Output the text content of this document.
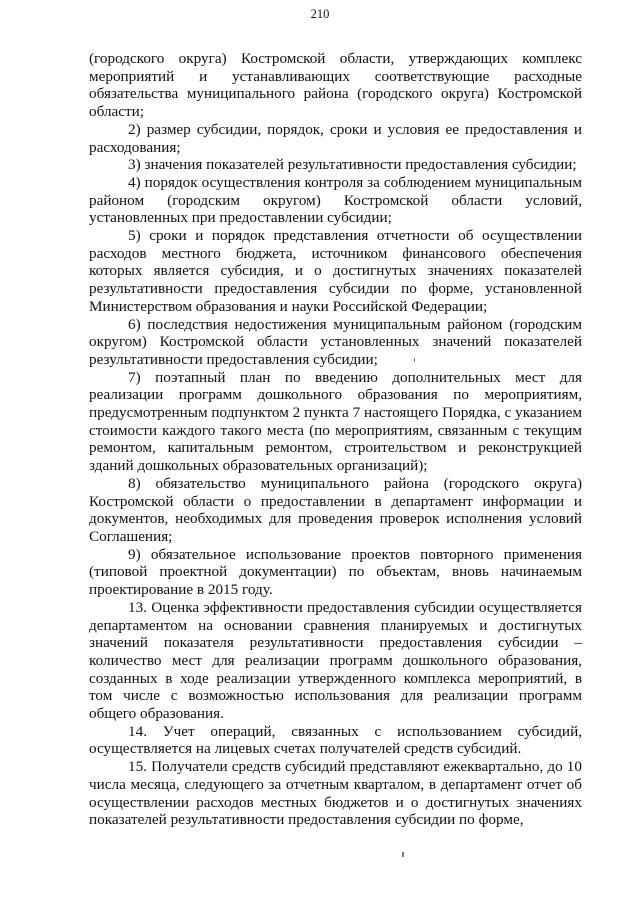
210

(городского округа) Костромской области, утверждающих комплекс мероприятий и устанавливающих соответствующие расходные обязательства муниципального района (городского округа) Костромской области;

2) размер субсидии, порядок, сроки и условия ее предоставления и расходования;

3) значения показателей результативности предоставления субсидии;

4) порядок осуществления контроля за соблюдением муниципальным районом (городским округом) Костромской области условий, установленных при предоставлении субсидии;

5) сроки и порядок представления отчетности об осуществлении расходов местного бюджета, источником финансового обеспечения которых является субсидия, и о достигнутых значениях показателей результативности предоставления субсидии по форме, установленной Министерством образования и науки Российской Федерации;

6) последствия недостижения муниципальным районом (городским округом) Костромской области установленных значений показателей результативности предоставления субсидии;

7) поэтапный план по введению дополнительных мест для реализации программ дошкольного образования по мероприятиям, предусмотренным подпунктом 2 пункта 7 настоящего Порядка, с указанием стоимости каждого такого места (по мероприятиям, связанным с текущим ремонтом, капитальным ремонтом, строительством и реконструкцией зданий дошкольных образовательных организаций);

8) обязательство муниципального района (городского округа) Костромской области о предоставлении в департамент информации и документов, необходимых для проведения проверок исполнения условий Соглашения;

9) обязательное использование проектов повторного применения (типовой проектной документации) по объектам, вновь начинаемым проектирование в 2015 году.

13. Оценка эффективности предоставления субсидии осуществляется департаментом на основании сравнения планируемых и достигнутых значений показателя результативности предоставления субсидии – количество мест для реализации программ дошкольного образования, созданных в ходе реализации утвержденного комплекса мероприятий, в том числе с возможностью использования для реализации программ общего образования.

14. Учет операций, связанных с использованием субсидий, осуществляется на лицевых счетах получателей средств субсидий.

15. Получатели средств субсидий представляют ежеквартально, до 10 числа месяца, следующего за отчетным кварталом, в департамент отчет об осуществлении расходов местных бюджетов и о достигнутых значениях показателей результативности предоставления субсидии по форме,
